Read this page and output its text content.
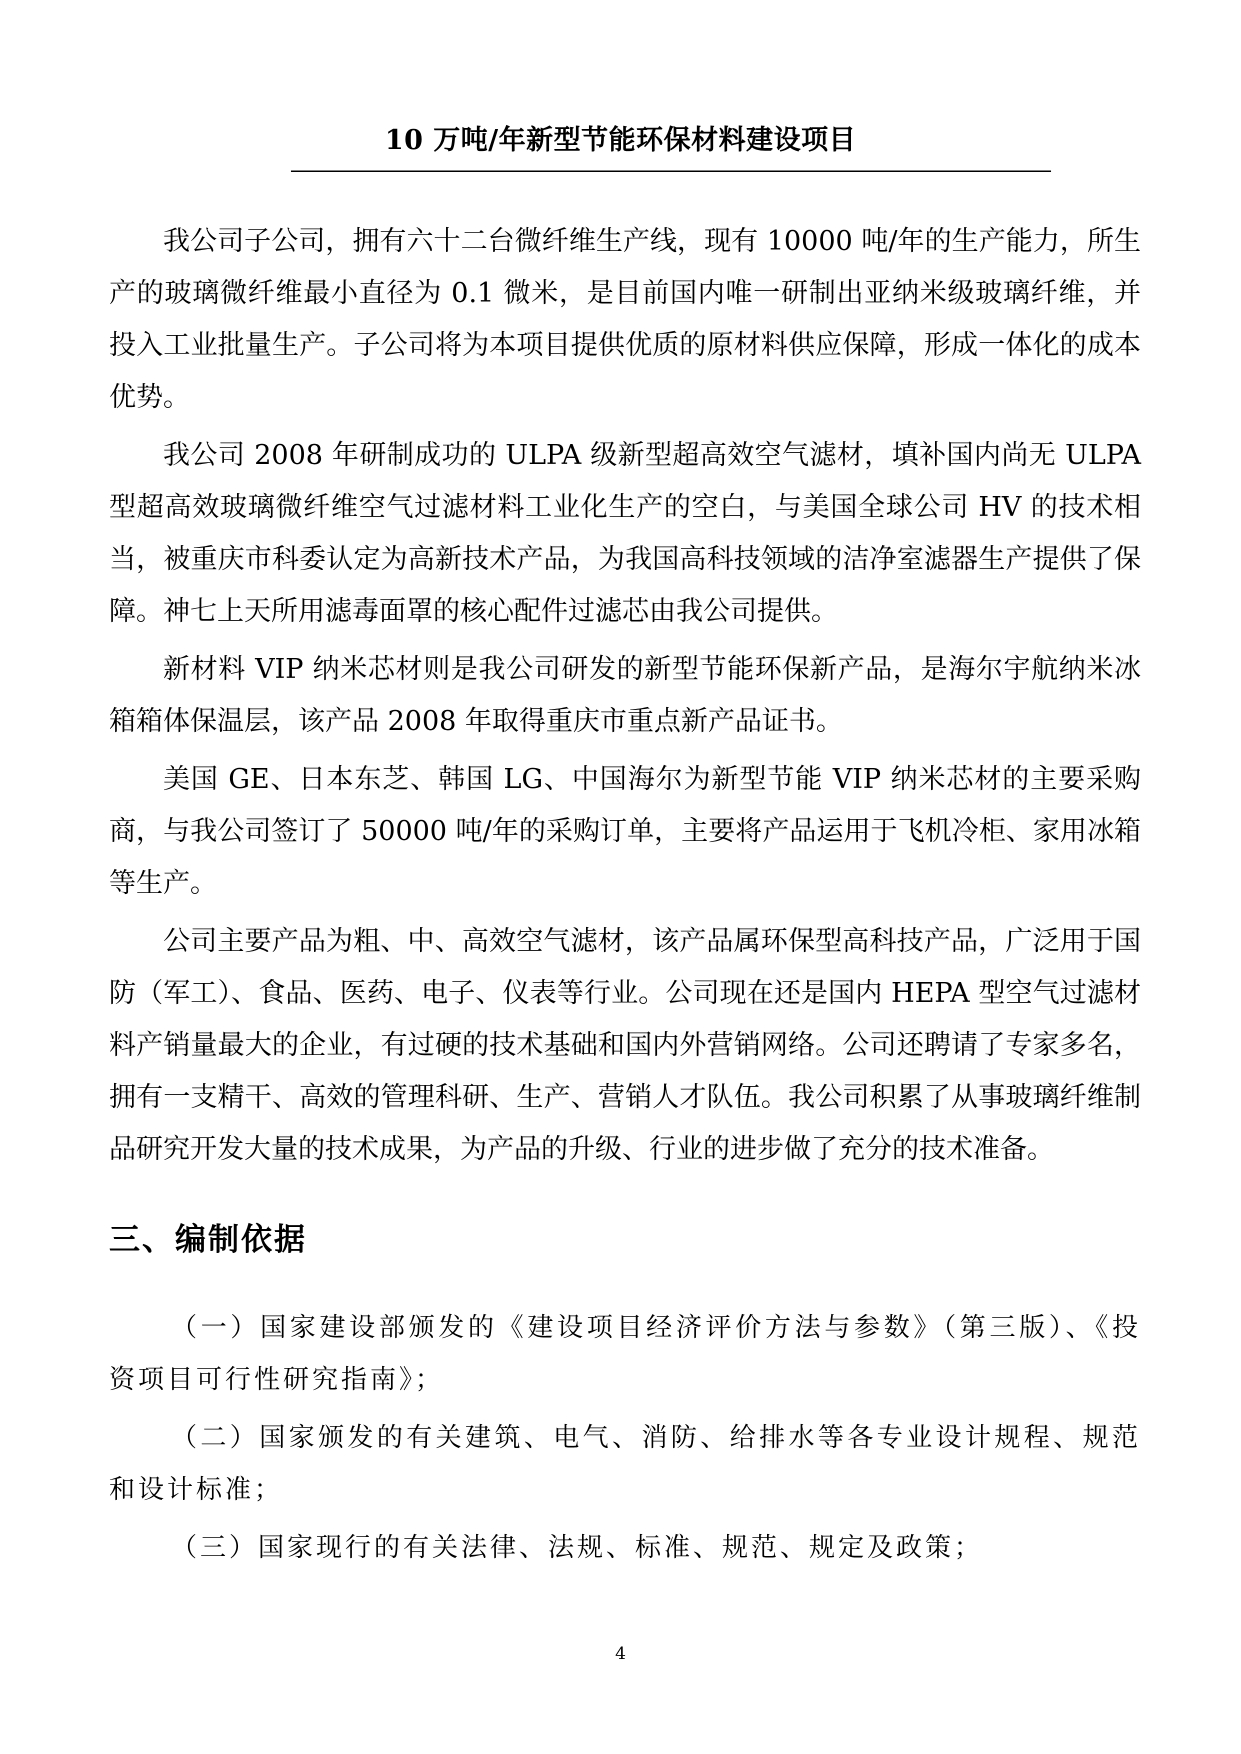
10 万吨/年新型节能环保材料建设项目
——————————————————————————————————————

我公司子公司，拥有六十二台微纤维生产线，现有 10000 吨/年的生产能力，所生产的玻璃微纤维最小直径为 0.1 微米，是目前国内唯一研制出亚纳米级玻璃纤维，并投入工业批量生产。子公司将为本项目提供优质的原材料供应保障，形成一体化的成本优势。

我公司 2008 年研制成功的 ULPA 级新型超高效空气滤材，填补国内尚无 ULPA 型超高效玻璃微纤维空气过滤材料工业化生产的空白，与美国全球公司 HV 的技术相当，被重庆市科委认定为高新技术产品，为我国高科技领域的洁净室滤器生产提供了保障。神七上天所用滤毒面罩的核心配件过滤芯由我公司提供。

新材料 VIP 纳米芯材则是我公司研发的新型节能环保新产品，是海尔宇航纳米冰箱箱体保温层，该产品 2008 年取得重庆市重点新产品证书。

美国 GE、日本东芝、韩国 LG、中国海尔为新型节能 VIP 纳米芯材的主要采购商，与我公司签订了 50000 吨/年的采购订单，主要将产品运用于飞机冷柜、家用冰箱等生产。

公司主要产品为粗、中、高效空气滤材，该产品属环保型高科技产品，广泛用于国防（军工）、食品、医药、电子、仪表等行业。公司现在还是国内 HEPA 型空气过滤材料产销量最大的企业，有过硬的技术基础和国内外营销网络。公司还聘请了专家多名，拥有一支精干、高效的管理科研、生产、营销人才队伍。我公司积累了从事玻璃纤维制品研究开发大量的技术成果，为产品的升级、行业的进步做了充分的技术准备。

三、编制依据

（一）国家建设部颁发的《建设项目经济评价方法与参数》（第三版）、《投资项目可行性研究指南》；

（二）国家颁发的有关建筑、电气、消防、给排水等各专业设计规程、规范和设计标准；

（三）国家现行的有关法律、法规、标准、规范、规定及政策；

4
